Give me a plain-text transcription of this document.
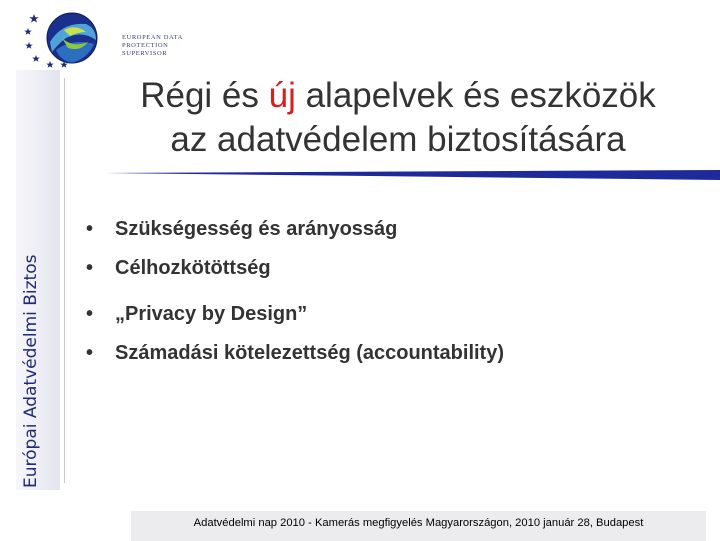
EUROPEAN DATA
PROTECTION SUPERVISOR
Európai Adatvédelmi Biztos
Régi és új alapelvek és eszközök
az adatvédelem biztosítására
• Szükségesség és arányosság
• Célhozkötöttség
• „Privacy by Design”
• Számadási kötelezettség (accountability)
Adatvédelmi nap 2010 - Kamerás megfigyelés Magyarországon, 2010 január 28, Budapest
